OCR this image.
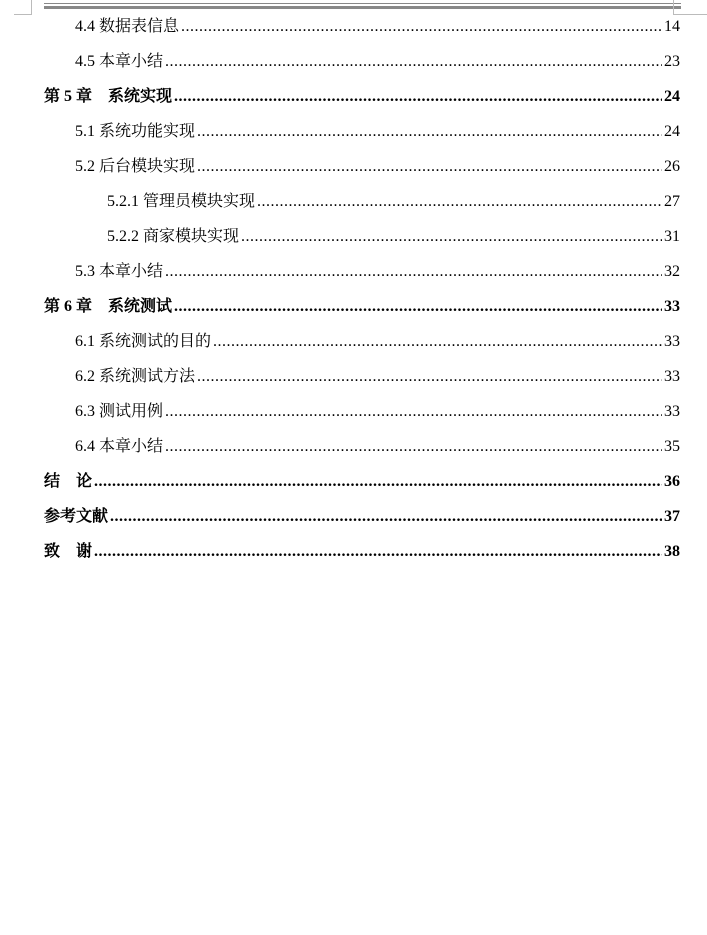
4.4 数据表信息 .....	14
4.5 本章小结 .....	23
第 5 章　系统实现 .....	24
5.1 系统功能实现 .....	24
5.2 后台模块实现 .....	26
5.2.1 管理员模块实现 .....	27
5.2.2 商家模块实现 .....	31
5.3 本章小结 .....	32
第 6 章　系统测试 .....	33
6.1 系统测试的目的 .....	33
6.2 系统测试方法 .....	33
6.3 测试用例 .....	33
6.4 本章小结 .....	35
结　论 .....	36
参考文献 .....	37
致　谢 .....	38
